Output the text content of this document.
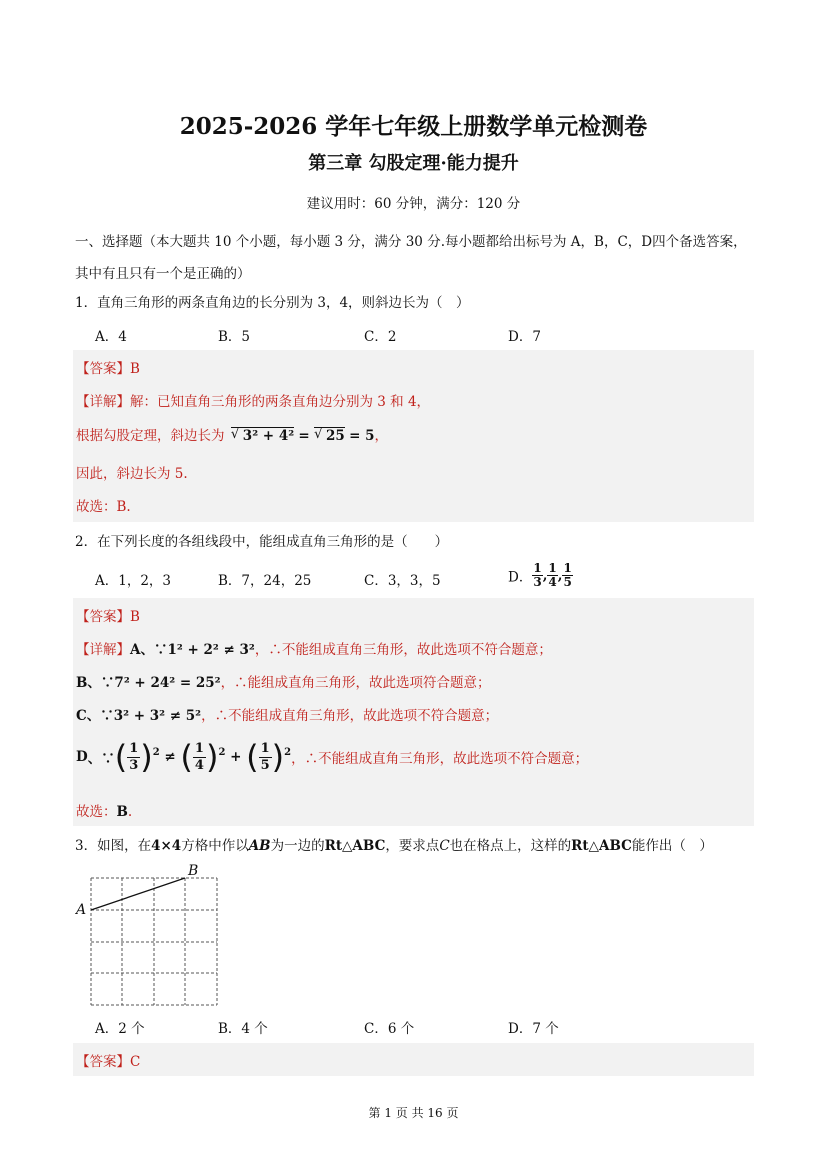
2025-2026 学年七年级上册数学单元检测卷
第三章 勾股定理·能力提升
建议用时：60 分钟，满分：120 分
一、选择题（本大题共 10 个小题，每小题 3 分，满分 30 分.每小题都给出标号为 A，B，C，D四个备选答案，其中有且只有一个是正确的）
1．直角三角形的两条直角边的长分别为 3，4，则斜边长为（　）
A．4	B．5	C．2	D．7
【答案】B
【详解】解：已知直角三角形的两条直角边分别为 3 和 4，
根据勾股定理，斜边长为 √ 3² + 4² = √ 25 = 5，
因此，斜边长为 5.
故选：B.
2．在下列长度的各组线段中，能组成直角三角形的是（　　）
A．1，2，3	B．7，24，25	C．3，3，5	D． $\frac{1}{3}$ , $\frac{1}{4}$ , $\frac{1}{5}$
【答案】B
【详解】A、∵1² + 2² ≠ 3²，∴不能组成直角三角形，故此选项不符合题意；
B、∵7² + 24² = 25²，∴能组成直角三角形，故此选项符合题意；
C、∵3² + 3² ≠ 5²，∴不能组成直角三角形，故此选项不符合题意；
D、∵( $\frac{1}{3} )^2$ ≠ ( $\frac{1}{4} )^2$ + ( $\frac{1}{5} )^2$，∴不能组成直角三角形，故此选项不符合题意；
故选：B.
3．如图，在4×4方格中作以AB为一边的Rt△ABC，要求点C也在格点上，这样的Rt△ABC能作出（　）
A
B
A．2 个	B．4 个	C．6 个	D．7 个
【答案】C
第 1 页 共 16 页
